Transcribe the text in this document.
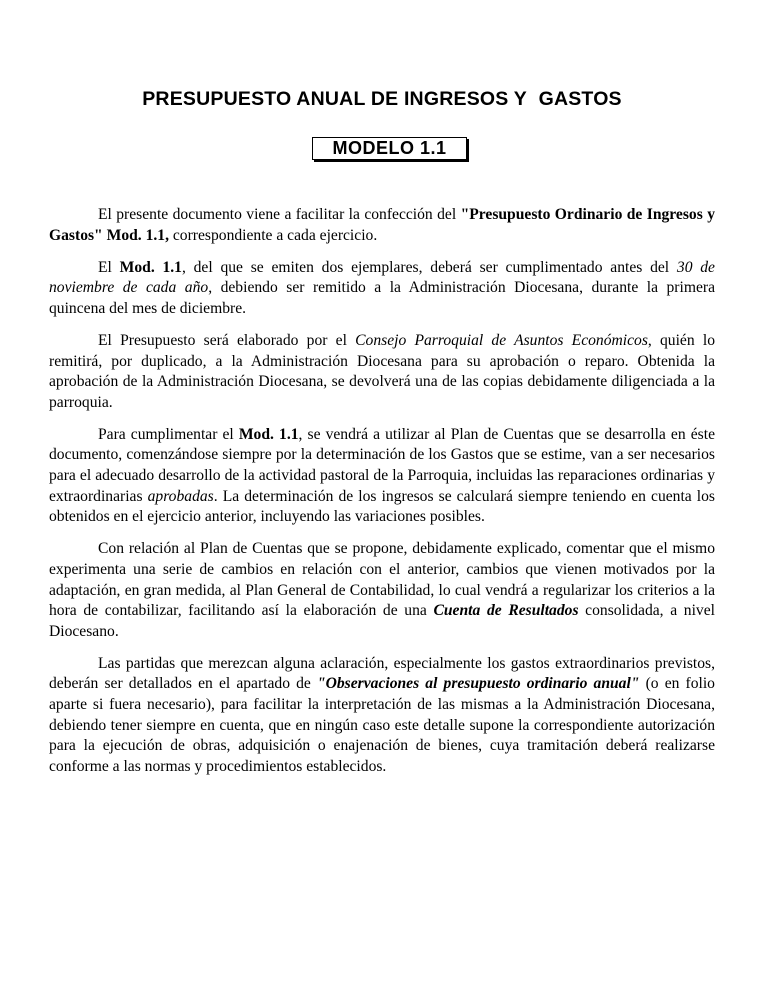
PRESUPUESTO ANUAL DE INGRESOS Y GASTOS
MODELO 1.1

El presente documento viene a facilitar la confección del "Presupuesto Ordinario de Ingresos y Gastos" Mod. 1.1, correspondiente a cada ejercicio.

El Mod. 1.1, del que se emiten dos ejemplares, deberá ser cumplimentado antes del 30 de noviembre de cada año, debiendo ser remitido a la Administración Diocesana, durante la primera quincena del mes de diciembre.

El Presupuesto será elaborado por el Consejo Parroquial de Asuntos Económicos, quién lo remitirá, por duplicado, a la Administración Diocesana para su aprobación o reparo. Obtenida la aprobación de la Administración Diocesana, se devolverá una de las copias debidamente diligenciada a la parroquia.

Para cumplimentar el Mod. 1.1, se vendrá a utilizar al Plan de Cuentas que se desarrolla en éste documento, comenzándose siempre por la determinación de los Gastos que se estime, van a ser necesarios para el adecuado desarrollo de la actividad pastoral de la Parroquia, incluidas las reparaciones ordinarias y extraordinarias aprobadas. La determinación de los ingresos se calculará siempre teniendo en cuenta los obtenidos en el ejercicio anterior, incluyendo las variaciones posibles.

Con relación al Plan de Cuentas que se propone, debidamente explicado, comentar que el mismo experimenta una serie de cambios en relación con el anterior, cambios que vienen motivados por la adaptación, en gran medida, al Plan General de Contabilidad, lo cual vendrá a regularizar los criterios a la hora de contabilizar, facilitando así la elaboración de una Cuenta de Resultados consolidada, a nivel Diocesano.

Las partidas que merezcan alguna aclaración, especialmente los gastos extraordinarios previstos, deberán ser detallados en el apartado de "Observaciones al presupuesto ordinario anual" (o en folio aparte si fuera necesario), para facilitar la interpretación de las mismas a la Administración Diocesana, debiendo tener siempre en cuenta, que en ningún caso este detalle supone la correspondiente autorización para la ejecución de obras, adquisición o enajenación de bienes, cuya tramitación deberá realizarse conforme a las normas y procedimientos establecidos.
